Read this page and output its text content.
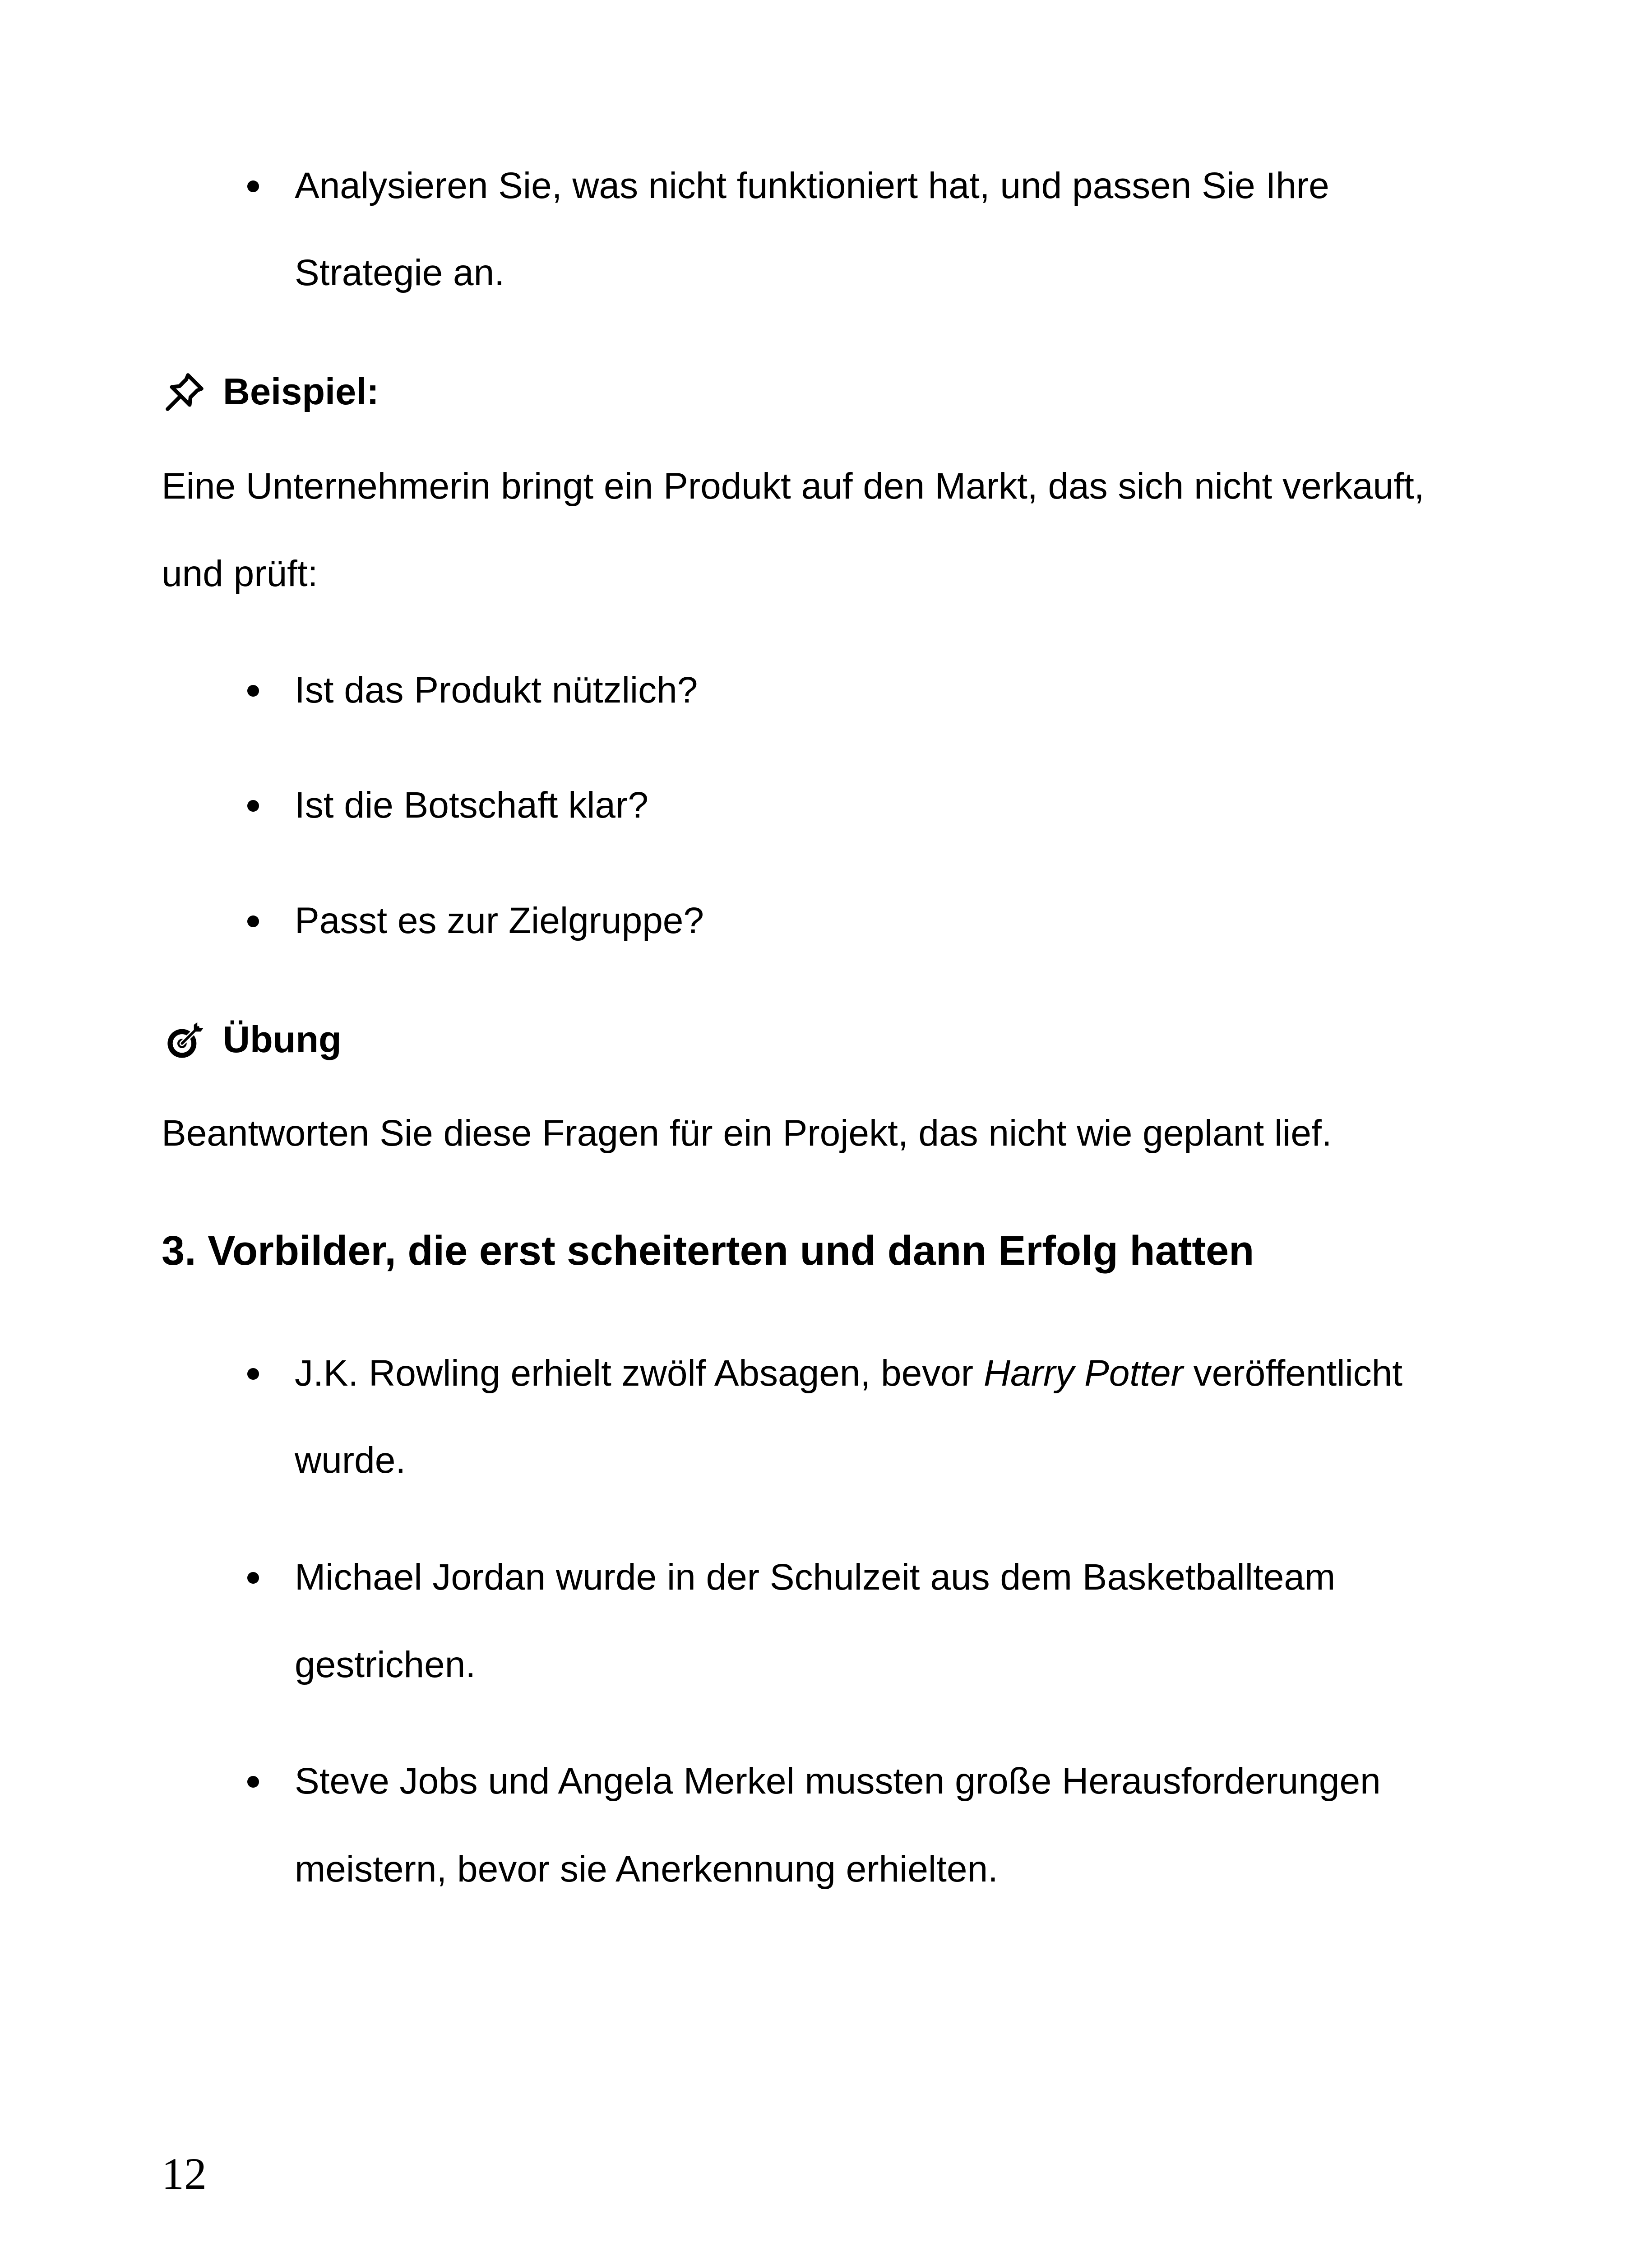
Analysieren Sie, was nicht funktioniert hat, und passen Sie Ihre
Strategie an.
Beispiel:
Eine Unternehmerin bringt ein Produkt auf den Markt, das sich nicht verkauft,
und prüft:
Ist das Produkt nützlich?
Ist die Botschaft klar?
Passt es zur Zielgruppe?
Übung
Beantworten Sie diese Fragen für ein Projekt, das nicht wie geplant lief.
3. Vorbilder, die erst scheiterten und dann Erfolg hatten
J.K. Rowling erhielt zwölf Absagen, bevor Harry Potter veröffentlicht
wurde.
Michael Jordan wurde in der Schulzeit aus dem Basketballteam
gestrichen.
Steve Jobs und Angela Merkel mussten große Herausforderungen
meistern, bevor sie Anerkennung erhielten.
12
